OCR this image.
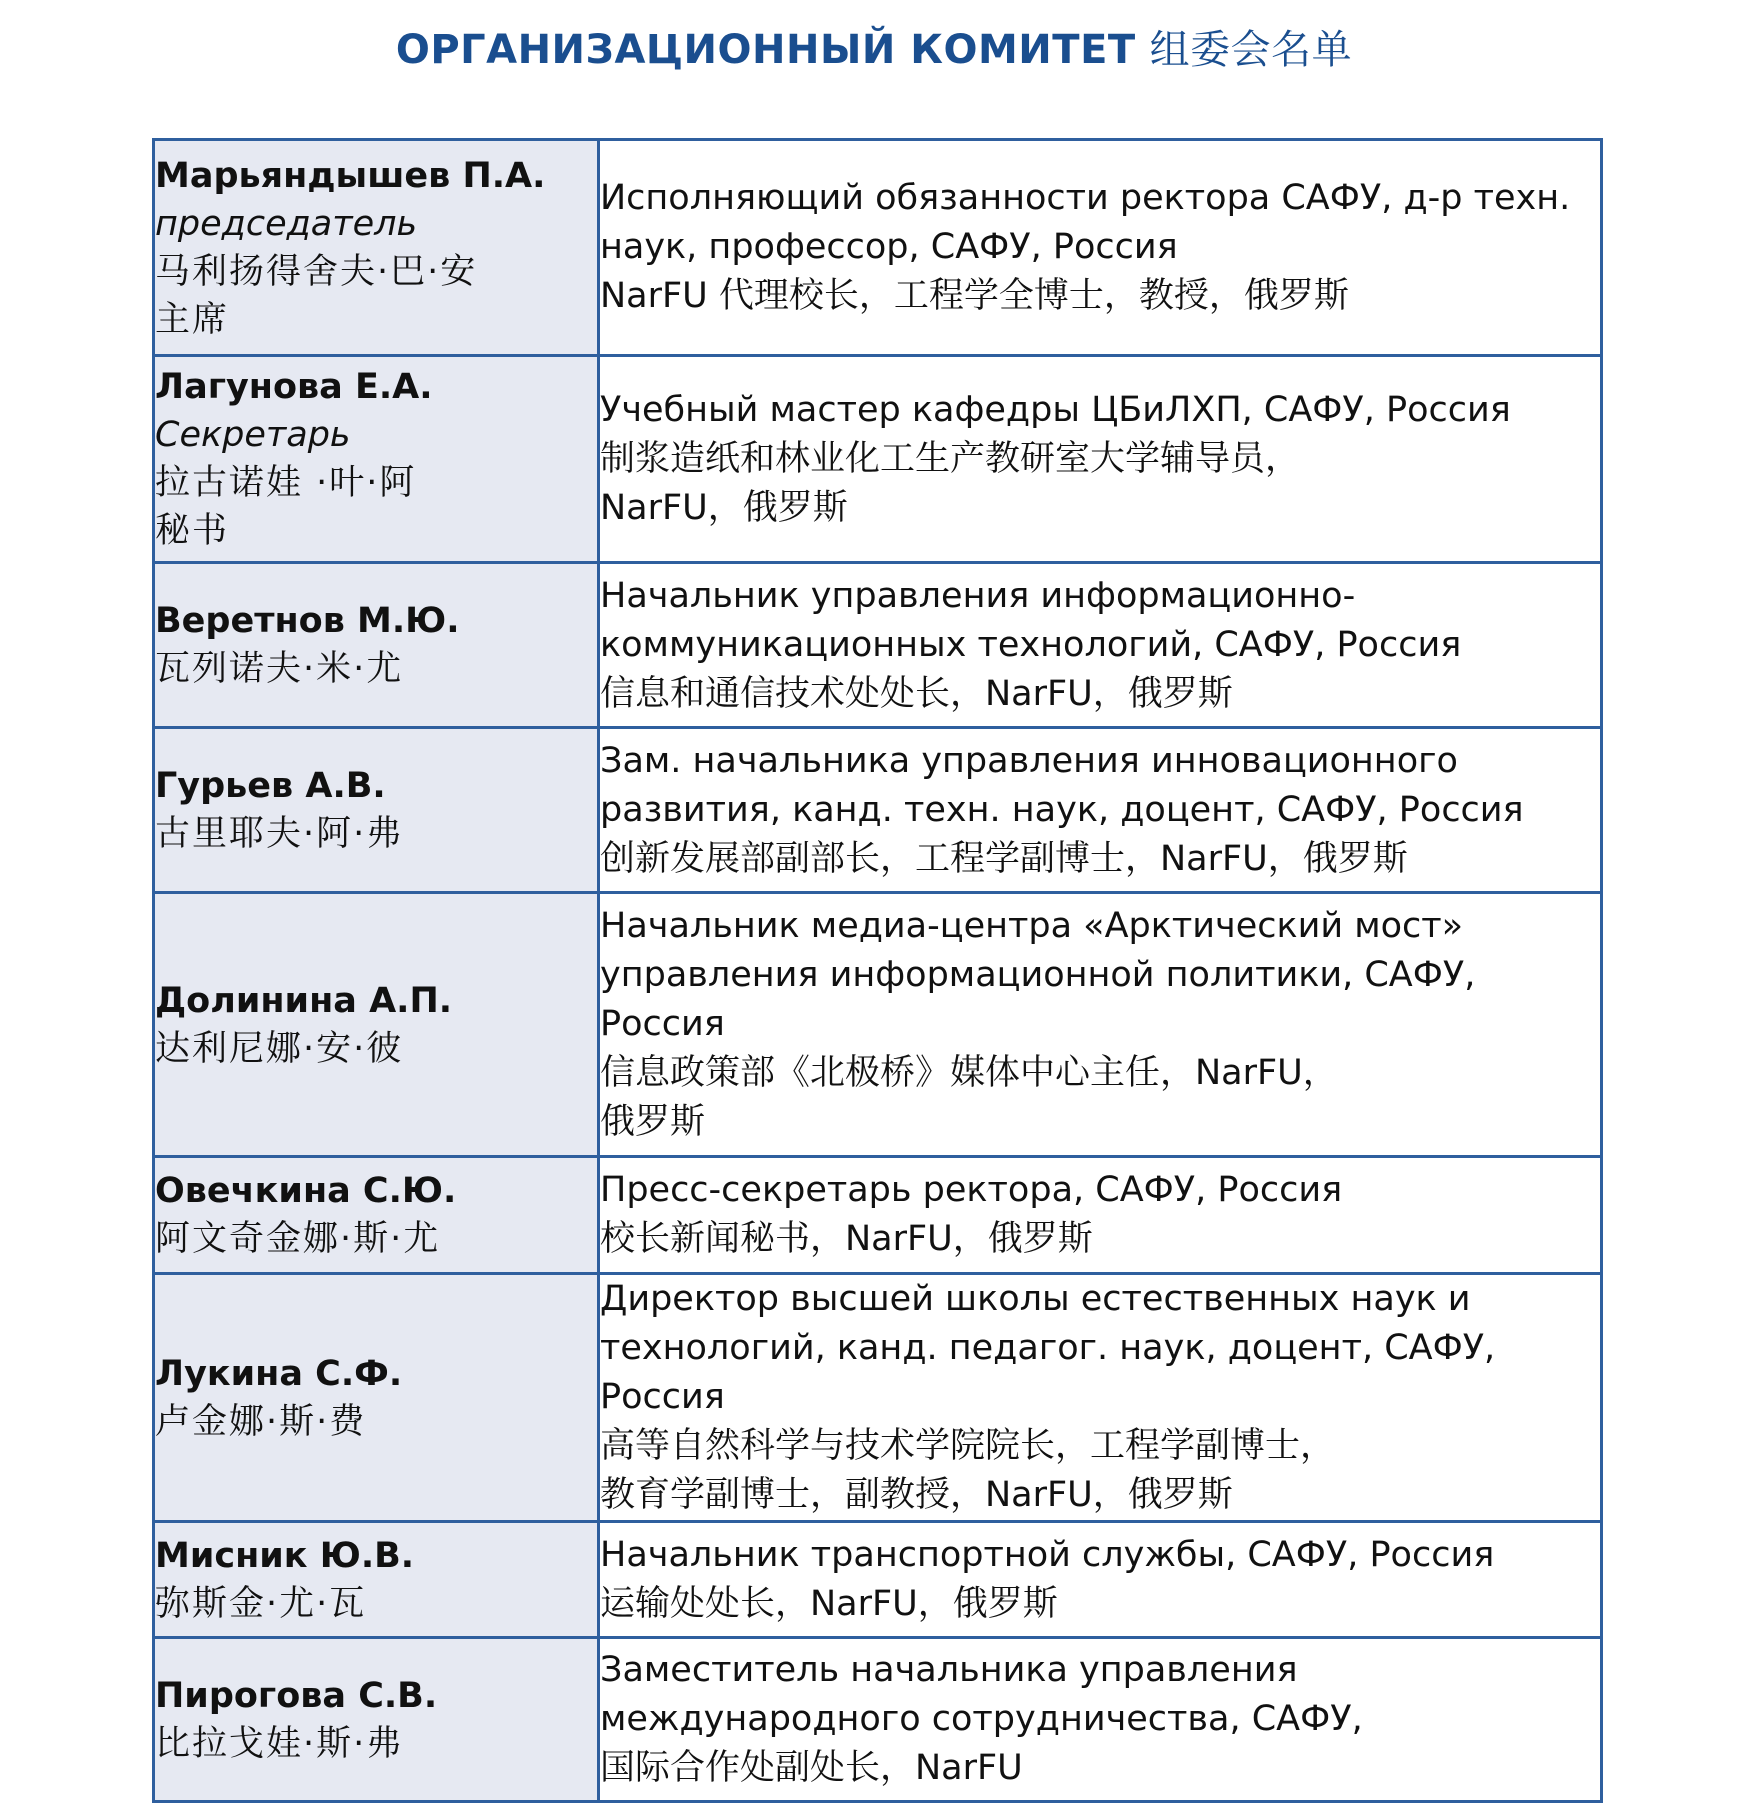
ОРГАНИЗАЦИОННЫЙ КОМИТЕТ 组委会名单
Марьяндышев П.А.
председатель
马利扬得舍夫·巴·安
主席	Исполняющий обязанности ректора САФУ, д-р техн.
наук, профессор, САФУ, Россия
NarFU 代理校长，工程学全博士，教授，俄罗斯

Лагунова Е.А.
Секретарь
拉古诺娃 ·叶·阿
秘书	Учебный мастер кафедры ЦБиЛХП, САФУ, Россия
制浆造纸和林业化工生产教研室大学辅导员，
NarFU，俄罗斯

Веретнов М.Ю.
瓦列诺夫·米·尤	Начальник управления информационно-
коммуникационных технологий, САФУ, Россия
信息和通信技术处处长，NarFU，俄罗斯

Гурьев А.В.
古里耶夫·阿·弗	Зам. начальника управления инновационного
развития, канд. техн. наук, доцент, САФУ, Россия
创新发展部副部长，工程学副博士，NarFU，俄罗斯

Долинина А.П.
达利尼娜·安·彼	Начальник медиа-центра «Арктический мост»
управления информационной политики, САФУ,
Россия
信息政策部《北极桥》媒体中心主任，NarFU，
俄罗斯

Овечкина С.Ю.
阿文奇金娜·斯·尤	Пресс-секретарь ректора, САФУ, Россия
校长新闻秘书，NarFU，俄罗斯

Лукина С.Ф.
卢金娜·斯·费	Директор высшей школы естественных наук и
технологий, канд. педагог. наук, доцент, САФУ, Россия
高等自然科学与技术学院院长，工程学副博士，
教育学副博士，副教授，NarFU，俄罗斯

Мисник Ю.В.
弥斯金·尤·瓦	Начальник транспортной службы, САФУ, Россия
运输处处长，NarFU，俄罗斯

Пирогова С.В.
比拉戈娃·斯·弗	Заместитель начальника управления
международного сотрудничества, САФУ,
国际合作处副处长，NarFU
